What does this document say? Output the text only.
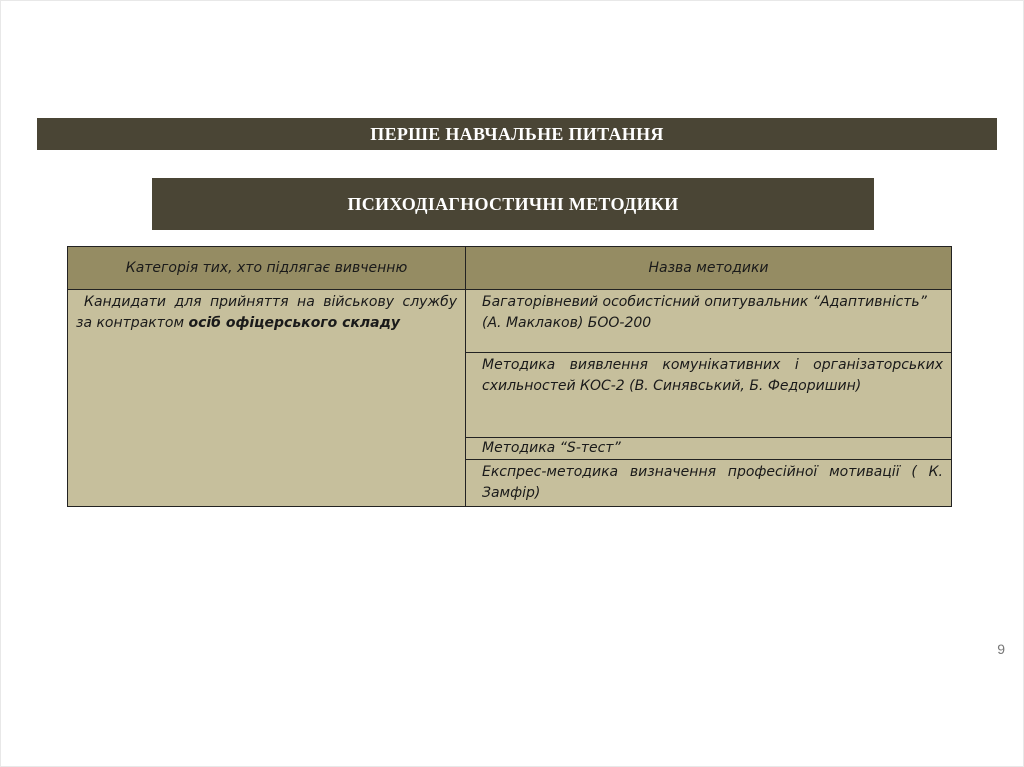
ПЕРШЕ НАВЧАЛЬНЕ ПИТАННЯ
ПСИХОДІАГНОСТИЧНІ МЕТОДИКИ
Категорія тих, хто підлягає вивченню	Назва методики
Кандидати для прийняття на військову службу за контрактом осіб офіцерського складу	Багаторівневий особистісний опитувальник “Адаптивність” (А. Маклаков) БОО-200
	Методика виявлення комунікативних і організаторських схильностей КОС-2 (В. Синявський, Б. Федоришин)
	Методика “S-тест”
	Експрес-методика визначення професійної мотивації ( К. Замфір)
9
